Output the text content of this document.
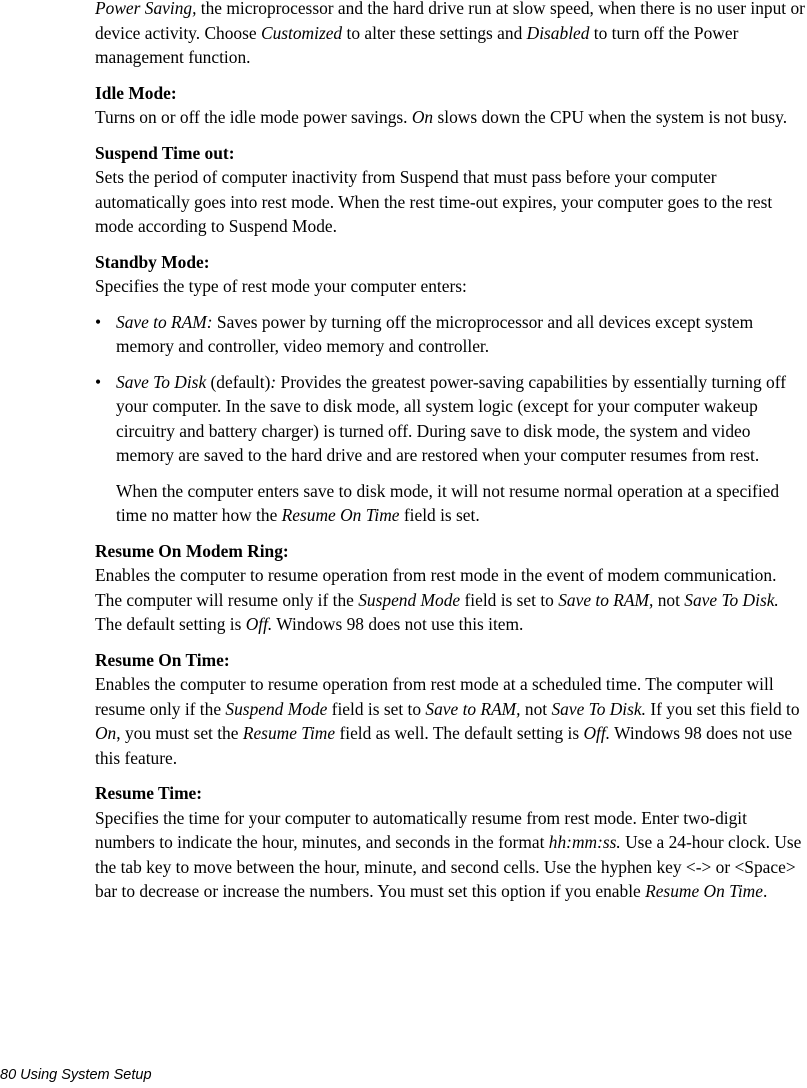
Power Saving, the microprocessor and the hard drive run at slow speed, when there is no user input or device activity. Choose Customized to alter these settings and Disabled to turn off the Power management function.

Idle Mode:

Turns on or off the idle mode power savings. On slows down the CPU when the system is not busy.

Suspend Time out:

Sets the period of computer inactivity from Suspend that must pass before your computer automatically goes into rest mode. When the rest time-out expires, your computer goes to the rest mode according to Suspend Mode.

Standby Mode:

Specifies the type of rest mode your computer enters:

• Save to RAM: Saves power by turning off the microprocessor and all devices except system memory and controller, video memory and controller.

• Save To Disk (default): Provides the greatest power-saving capabilities by essentially turning off your computer. In the save to disk mode, all system logic (except for your computer wakeup circuitry and battery charger) is turned off. During save to disk mode, the system and video memory are saved to the hard drive and are restored when your computer resumes from rest.

When the computer enters save to disk mode, it will not resume normal operation at a specified time no matter how the Resume On Time field is set.

Resume On Modem Ring:

Enables the computer to resume operation from rest mode in the event of modem communication. The computer will resume only if the Suspend Mode field is set to Save to RAM, not Save To Disk. The default setting is Off. Windows 98 does not use this item.

Resume On Time:

Enables the computer to resume operation from rest mode at a scheduled time. The computer will resume only if the Suspend Mode field is set to Save to RAM, not Save To Disk. If you set this field to On, you must set the Resume Time field as well. The default setting is Off. Windows 98 does not use this feature.

Resume Time:

Specifies the time for your computer to automatically resume from rest mode. Enter two-digit numbers to indicate the hour, minutes, and seconds in the format hh:mm:ss. Use a 24-hour clock. Use the tab key to move between the hour, minute, and second cells. Use the hyphen key <-> or <Space> bar to decrease or increase the numbers. You must set this option if you enable Resume On Time.

80 Using System Setup
